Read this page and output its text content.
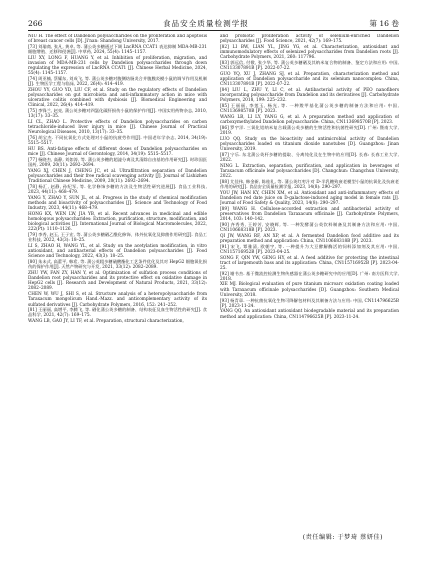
266	食品安全质量检测学报	第 16 卷

NIU H. The effect of Dandelion polysaccharides on the proliferation and apoptosis of breast cancer cells [D]. Ji'nan: Shandong University, 2017.

[73] 刘瑜商, 张凡, 黄卓, 等. 蒲公英多糖通过下调 LncRNA CCAT1 表达抑制 MDA-MB-231 细胞增殖、迁移和侵袭[J]. 中草药, 2024, 55(4): 1145–1157.

LIU XY, LONG F, HUANG Y, et al. Inhibition of proliferation, migration, and invasion of MDA-MB-231 cells by Dandelion polysaccharides through down regulating the expression of LncRNA CCAT1 [J]. Chinese Herbal Medicine, 2024, 55(4): 1145–1157.

[74] 周亚楠, 蔡耀东, 刘成飞, 等. 蒲公英多糖对腹侧结肠炎合并腹膜炎模小鼠的调节作用及机制[J]. 生物医学工程与临床, 2022, 26(4): 414–419.

ZHOU YY, GUO YD, LIU CF, et al. Study on the regulatory effects of Dandelion polysaccharides on gut microbiota and anti-inflammatory action in mice with ulcerative colitis combined with dysbiosis [J]. Biomedical Engineering and Clinical, 2022, 26(4): 414–419.

[75] 李锋兰, 赵亮, 蒲公英多糖对四氯化碳肝损伤小鼠的保护作用[J]. 中国实用药物杂志, 2010, 13(17): 33–35.

LI CL, ZHAO L. Protective effects of Dandelion polysaccharides on carbon tetrachloride-induced liver injury in mice [J]. Chinese Journal of Practical Neurological Diseases, 2010, 13(17): 33–35.

[76] 胡宝杰. 不同抗氧化方式处理对小鼠的抗疲劳作用[J]. 中国老年学杂志, 2014, 34(19): 5515–5517.

HU BS. Anti-fatigue effects of different doses of Dandelion polysaccharides on mice [J]. Chinese Journal of Gerontology, 2014, 34(19): 5515–5517.

[77] 杨晓杰, 高静, 刘如涛, 等. 蒲公英多糖的超滤分离及其清除自由基的作用研究[J]. 时珍国医国药, 2009, 20(11): 2692–2694.

YANG XJ, CHEN J, CHENG JC, et al. Ultrafiltration separation of Dandelion polysaccharides and their free radical scavenging activity [J]. Journal of Lishizhen Traditional Chinese Medicine, 2009, 20(11): 2692–2694.

[78] 杨汇, 赵静, 孙纪军, 等. 化学修饰多糖的方法及生物活性研究进展[J]. 食品工业科技, 2023, 44(11): 468–479.

YANG Y, ZHAO Y, SUN JL, et al. Progress in the study of chemical modification methods and bioactivity of polysaccharides [J]. Science and Technology of Food Industry, 2023, 44(11): 468–479.

HONG KX, WEN LW, JIA YB, et al. Recent advances in medicinal and edible homologous polysaccharides: Extraction, purification, structure, modification, and biological activities [J]. International Journal of Biological Macromolecules, 2022, 222(Pt): 1110–1126.

[79] 李秀, 赵玉, 王子宏, 等. 蒲公英多糖硒乙酰化修饰、体外抗氧化及抑菌作用研究[J]. 食品工业科技, 2022, 43(3): 18–25.

LI S, ZHAO H, WANG YL, et al. Study on the acetylation modification, in vitro antioxidant, and antibacterial effects of Dandelion polysaccharides [J]. Food Science and Technology, 2022, 43(3): 18–25.

[80] 朱未式, 高蕾平, 韩希, 等. 蒲公英粗多糖硫酸酯化工艺条件优化及其对 HepG2 细胞氧化损伤的保护作用[J]. 天然产物研究与开发, 2021, 33(12): 2082–2089.

ZHU YW, FAN ZY, HAN Y, et al. Optimization of sulfation process conditions of Dandelion root polysaccharides and its protective effect on oxidative damage in HepG2 cells [J]. Research and Development of Natural Products, 2021, 33(12): 2082–2089.

CHEN W, WU J, SHI S, et al. Structure analysis of a heteropolysaccharide from Taraxacum mongolicum Hand.-Mazz. and anticomplementary activity of its sulfated derivatives [J]. Carbohydrate Polymers, 2016, 152: 241–252.

[81] 王丽丽, 高增平, 李腾飞, 等. 硒化蒲公英多糖的制备、结构表征及血生物活性的研究[J]. 食品科学, 2021, 42(7): 169–175.

WANG LB, GAO JY, LI TF, et al. Preparation, structural characterization,

and probiotic proliferation activity of selenium-enriched Dandelion polysaccharides [J]. Food Science, 2021, 42(7): 169–175.

[82] LI BW, LIAN YL, JING YG, et al. Characterization, antioxidant and immunomodulatory effects of selenized polysaccharides from Dandelion roots [J]. Carbohydrate Polymers, 2021, 260: 117796.

[83] 郭远信, 付敬, 张少华, 等. 蒲公英多糖硒及其纳米复合物的制备、鉴定方法和应用: 中国, CN113307891B [P]. 2022-07-22.

GUO YQ, XU J, ZHANG SJ, et al. Preparation, characterization method and application of Dandelion polysaccharide and its selenium nanocomplex: China, CN113307891B [P]. 2022-07-22.

[84] LIU L, ZHU Y, LI C, et al. Antibacterial activity of PEO nanofibers incorporating polysaccharide from Dandelion and its derivatives [J]. Carbohydrate Polymers, 2018, 199: 225–232.

[85] 王丽丽, 李莲玉, 杨光, 等. 一种羧甲基化蒲公英多糖的制备方法和应用: 中国, CN113698570B [P]. 2023.

WANG LB, LI LY, YANG G, et al. A preparation method and application of carboxymethylated Dandelion polysaccharide: China, CN113698570B [P]. 2023.

[86] 罗宇洋. 三氧化铝纳米复合载蒲公英多糖的生物活性和抗菌性研究[D]. 广州: 暨南大学, 2019.

LUO QQ. Study on the bioactivity and antimicrobial activity of Dandelion polysaccharides loaded on titanium dioxide nanotubes [D]. Guangzhou: Jinan University, 2019.

[87] 宁乐. 东北蒲公英杆多糖的提取、分离纯化及在生物中的应用[D]. 长春: 长春工业大学, 2022.

NING L. Extraction, separation, purification, and application in beverages of Taraxacum officinale leaf polysaccharides [D]. Changchun: Changchun University, 2022.

[88] 尤佳伟, 韩金新, 陈桂礼, 等. 蒲公英红枣汁对 D-半乳糖致衰老模型小鼠的抗氧化及抗衰老作用的研究[J]. 食品安全质量检测学报, 2023, 14(8): 290–297.

YOU JW, HAN KY, CHEN XM, et al. Antioxidant and anti-inflammatory effects of Dandelion red date juice on D-galactose-induced aging model in female rats [J]. Journal of Food Safety & Quality, 2023, 14(8): 290–297.

[89] WANG H. Cellulose-accorded extraction and antibacterial activity of preservatives from Dandelion Taraxacum officinale [J]. Carbohydrate Polymers, 2014, 103: 140–142.

[90] 齐秀秀, 王婷芳, 安晓辉, 等. 一种发酵蒲公英饮料制备及其制备方法和应用: 中国, CN110668318B [P]. 2023.

QI JW, WANG RF, AN XP, et al. A fermented Dandelion food additive and its preparation method and application: China, CN110668318B [P]. 2023.

[91] 宋飞, 覃雅清, 欧朝宇, 等. 一种提升为大豆酵解酶活的饲料添加剂及其应用: 中国, CN115716952B [P]. 2023-04-25.

SONG F, QIN YW, GENG HY, et al. A feed additive for protecting the intestinal tract of largemouth bass and its application: China, CN115716952B [P]. 2023-04-25.

[92] 谢书杰. 基于微流控检测生物传感器在蒲公英多糖研究中的应用[D]. 广州: 南方医科大学, 2018.

XIE MJ. Biological evaluation of pure titanium microarc oxidation coating loaded with Taraxacum officinale polysaccharides [D]. Guangzhou: Southern Medical University, 2018.

[93] 杨青章. 一种抗菌抗氧化生物可降解包材料及其制备方法与应用: 中国, CN114796625B [P]. 2023-11-24.

YANG QQ. An antioxidant antioxidant biodegradable material and its preparation method and application: China, CN114796625B [P]. 2023-11-24.

(责任编辑: 于梦琦 蔡妍佳)
